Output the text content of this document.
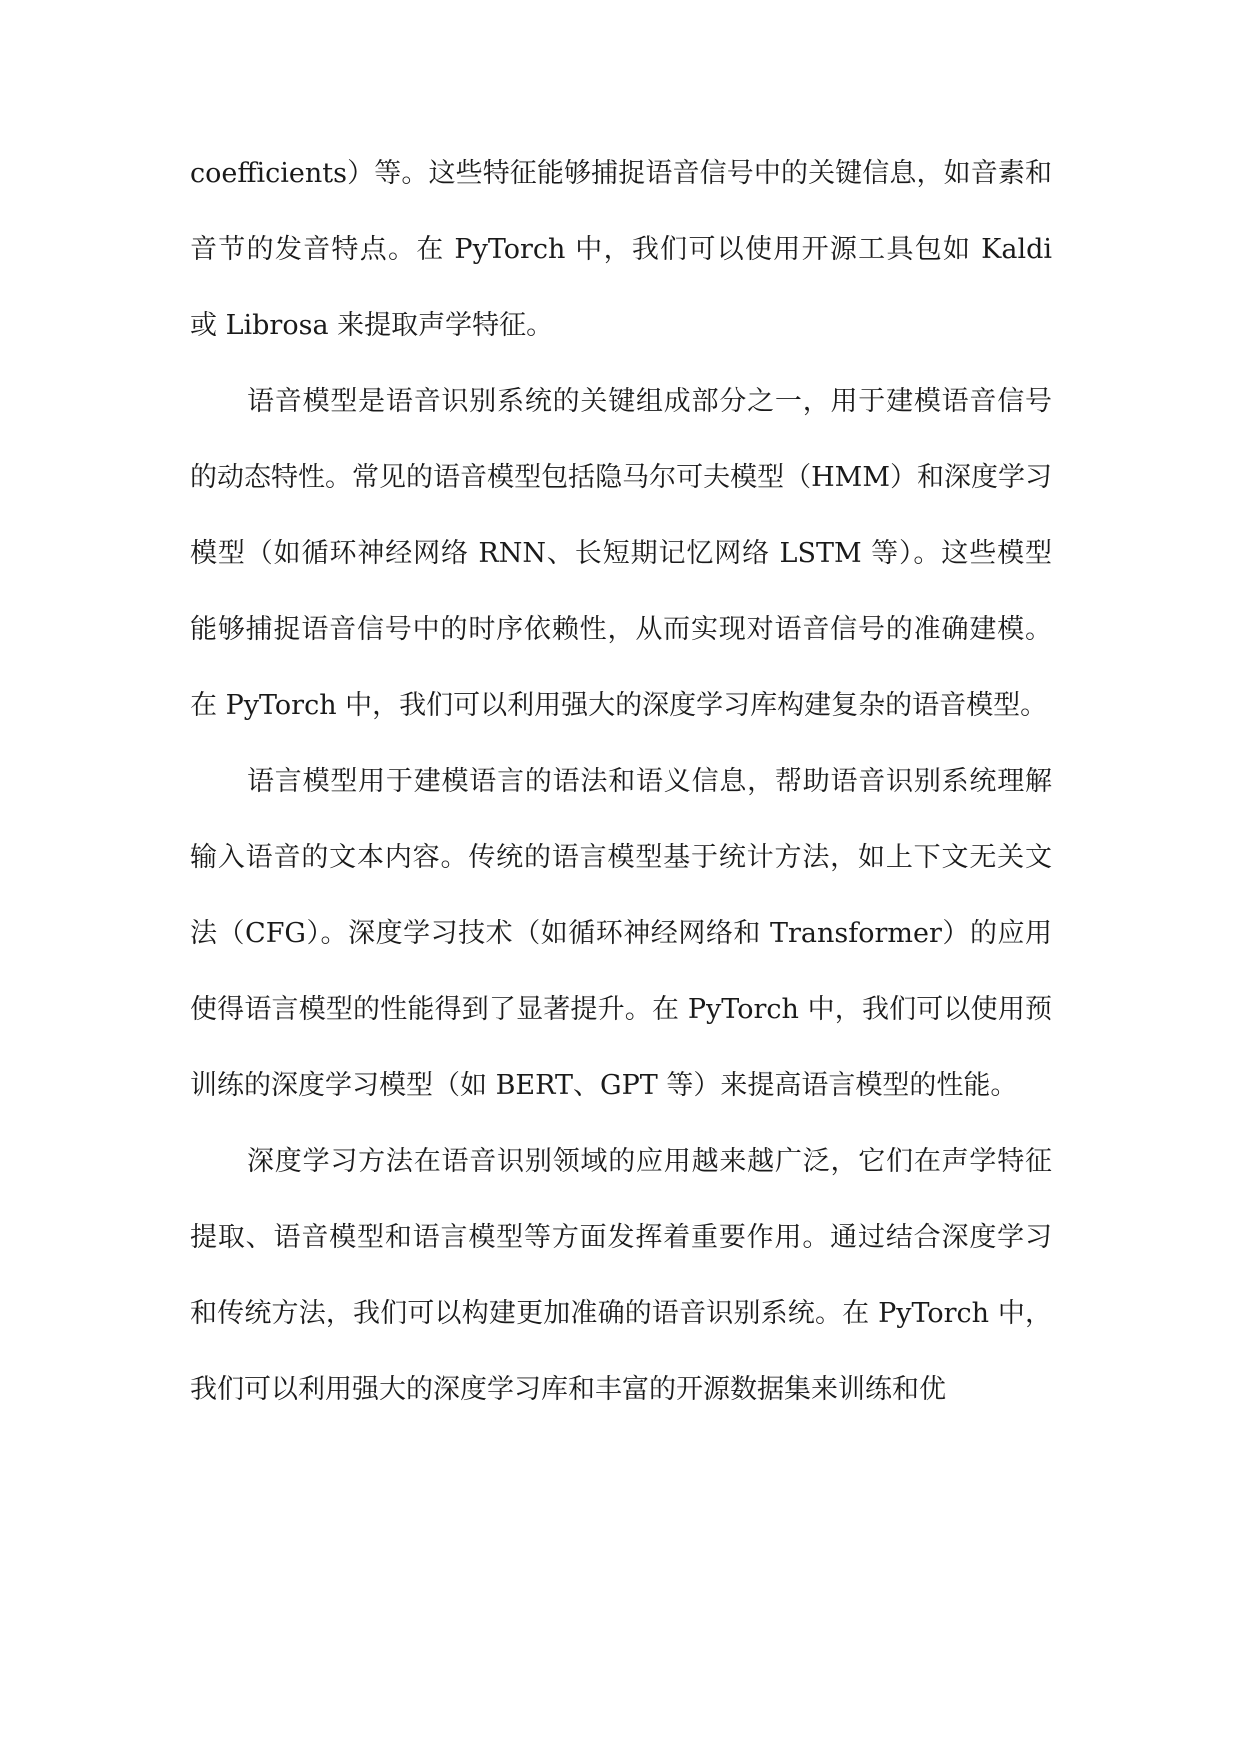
coefficients）等。这些特征能够捕捉语音信号中的关键信息，如音素和音节的发音特点。在 PyTorch 中，我们可以使用开源工具包如 Kaldi 或 Librosa 来提取声学特征。

语音模型是语音识别系统的关键组成部分之一，用于建模语音信号的动态特性。常见的语音模型包括隐马尔可夫模型（HMM）和深度学习模型（如循环神经网络 RNN、长短期记忆网络 LSTM 等）。这些模型能够捕捉语音信号中的时序依赖性，从而实现对语音信号的准确建模。在 PyTorch 中，我们可以利用强大的深度学习库构建复杂的语音模型。

语言模型用于建模语言的语法和语义信息，帮助语音识别系统理解输入语音的文本内容。传统的语言模型基于统计方法，如上下文无关文法（CFG）。深度学习技术（如循环神经网络和 Transformer）的应用使得语言模型的性能得到了显著提升。在 PyTorch 中，我们可以使用预训练的深度学习模型（如 BERT、GPT 等）来提高语言模型的性能。

深度学习方法在语音识别领域的应用越来越广泛，它们在声学特征提取、语音模型和语言模型等方面发挥着重要作用。通过结合深度学习和传统方法，我们可以构建更加准确的语音识别系统。在 PyTorch 中，我们可以利用强大的深度学习库和丰富的开源数据集来训练和优
